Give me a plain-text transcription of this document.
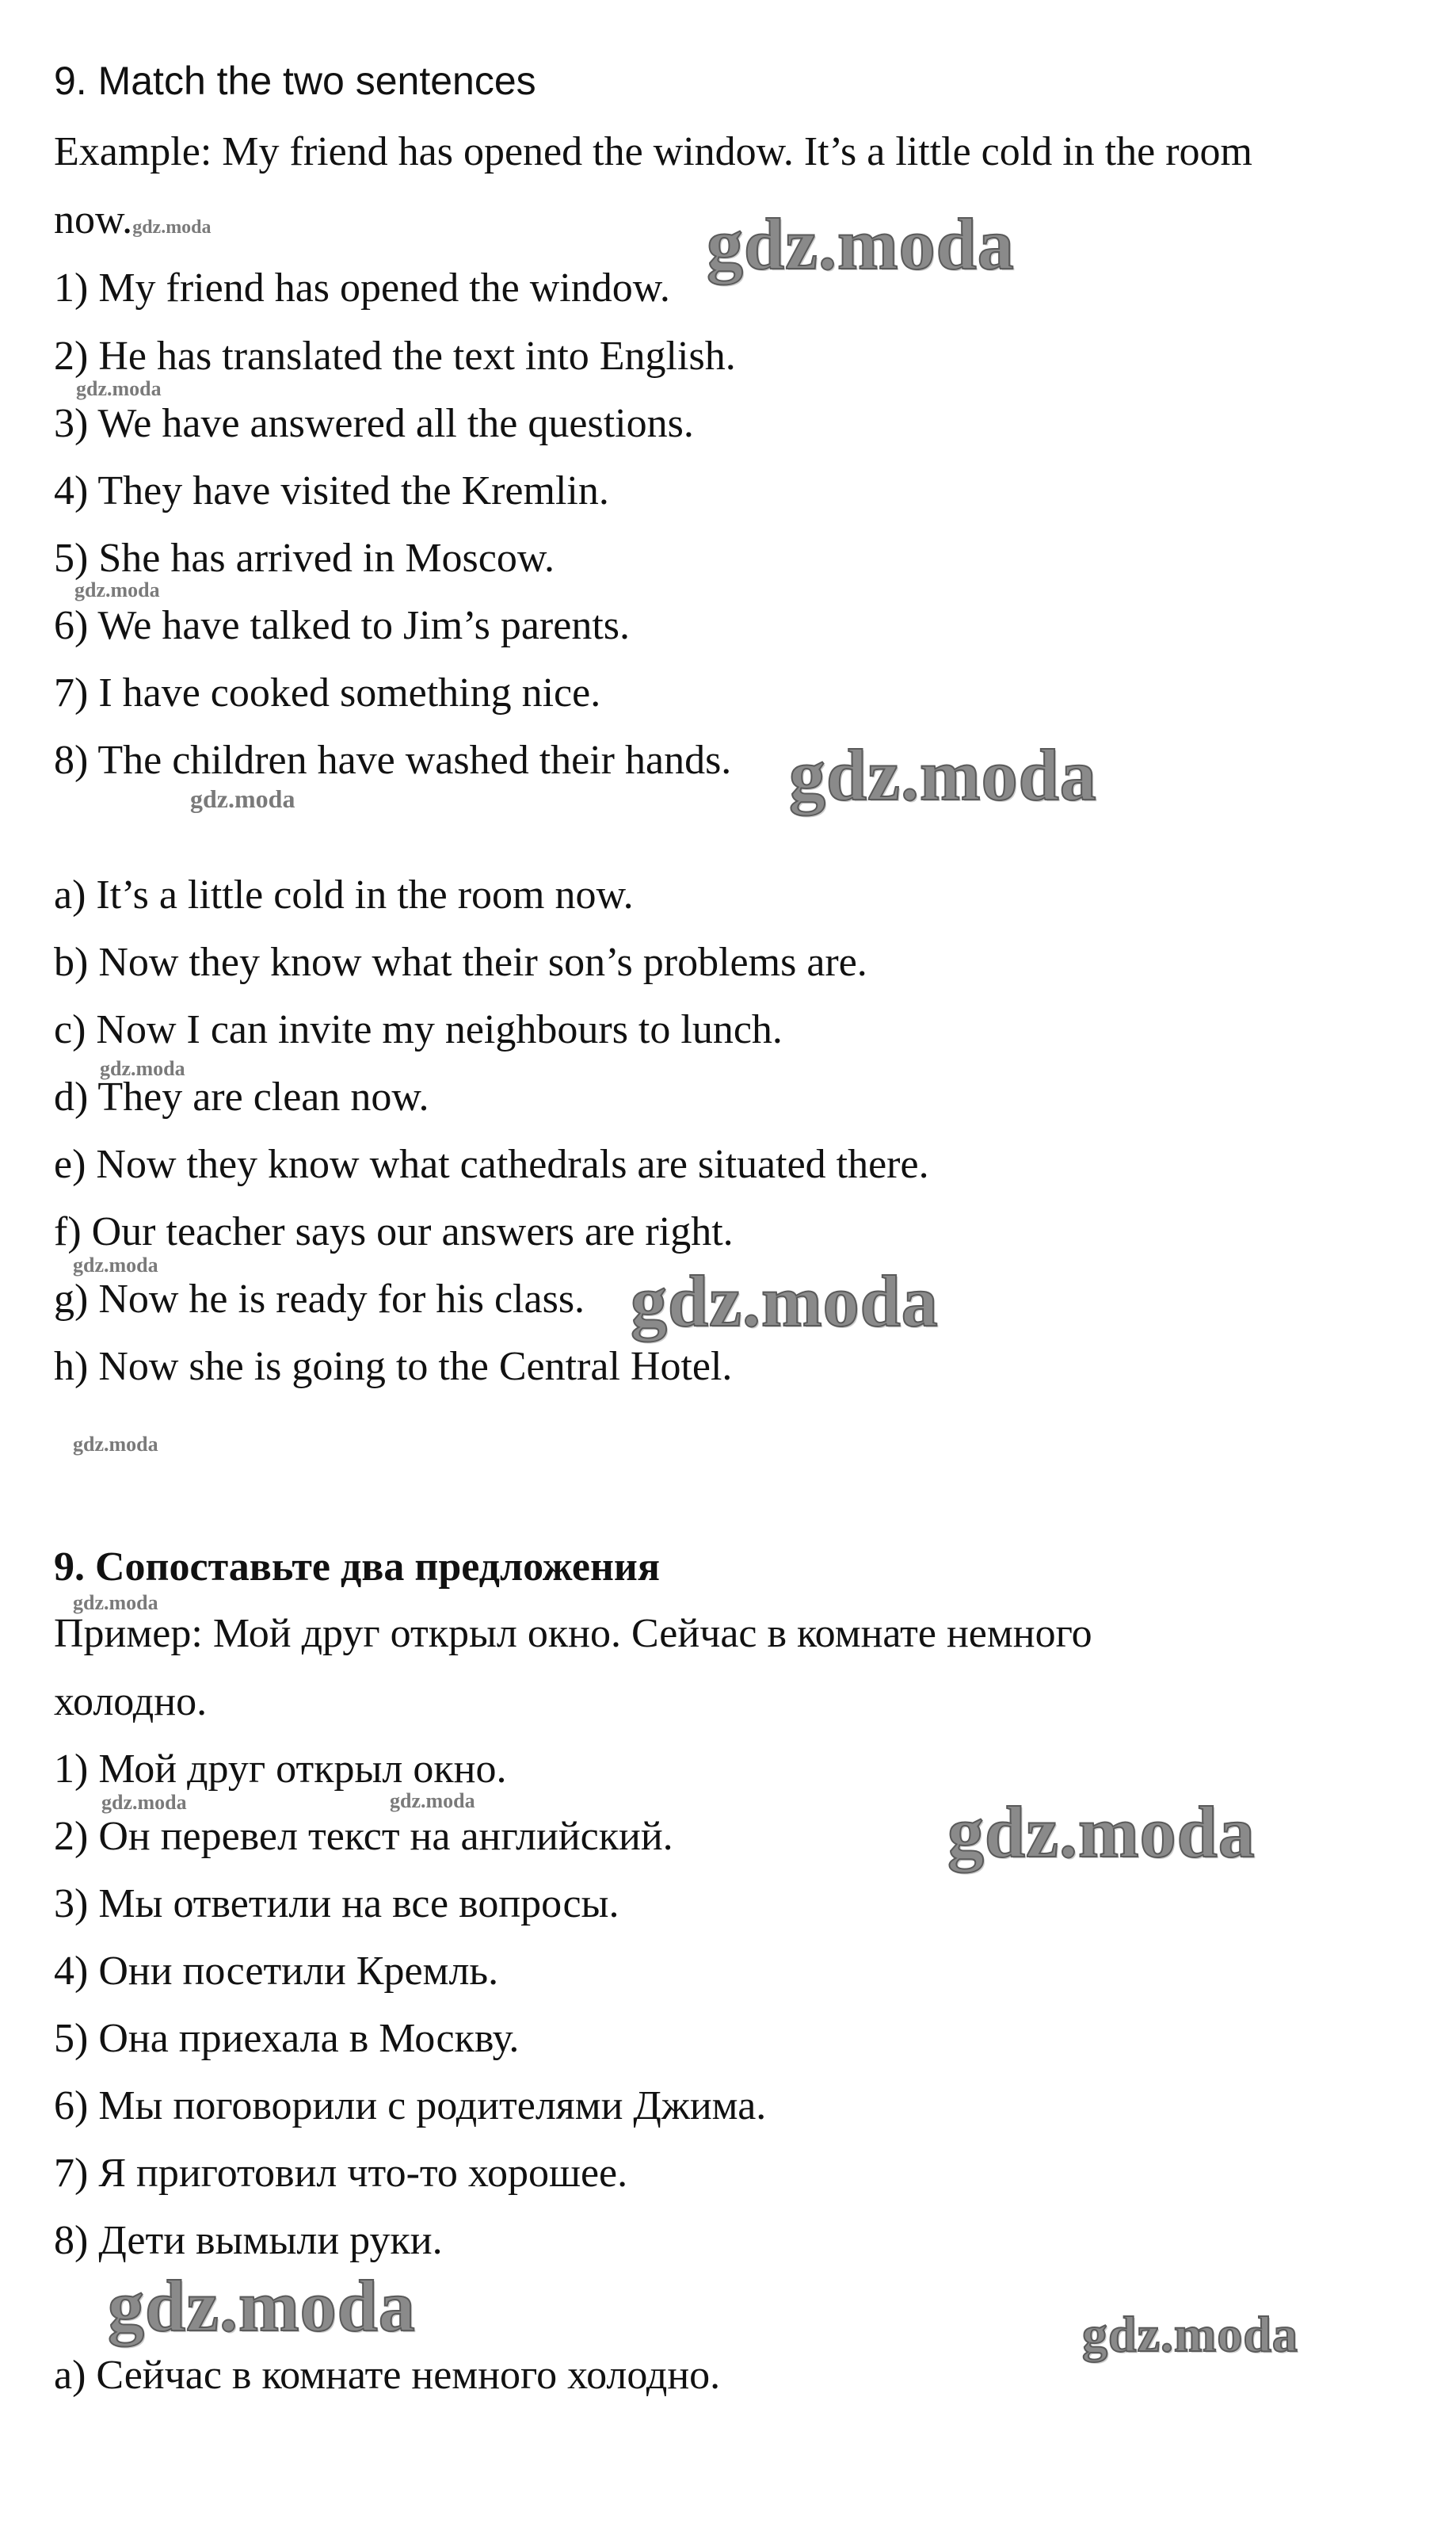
9. Match the two sentences
Example: My friend has opened the window. It’s a little cold in the room
now.gdz.moda
1) My friend has opened the window.
2) He has translated the text into English.
3) We have answered all the questions.
4) They have visited the Kremlin.
5) She has arrived in Moscow.
6) We have talked to Jim’s parents.
7) I have cooked something nice.
8) The children have washed their hands.
a) It’s a little cold in the room now.
b) Now they know what their son’s problems are.
c) Now I can invite my neighbours to lunch.
d) They are clean now.
e) Now they know what cathedrals are situated there.
f) Our teacher says our answers are right.
g) Now he is ready for his class.
h) Now she is going to the Central Hotel.
9. Сопоставьте два предложения
Пример: Мой друг открыл окно. Сейчас в комнате немного
холодно.
1) Мой друг открыл окно.
2) Он перевел текст на английский.
3) Мы ответили на все вопросы.
4) Они посетили Кремль.
5) Она приехала в Москву.
6) Мы поговорили с родителями Джима.
7) Я приготовил что-то хорошее.
8) Дети вымыли руки.
a) Сейчас в комнате немного холодно.
gdz.moda
gdz.moda
gdz.moda
gdz.moda
gdz.moda	gdz.moda
gdz.moda
gdz.moda
gdz.moda
gdz.moda
gdz.moda
gdz.moda
gdz.moda
gdz.moda	gdz.moda
